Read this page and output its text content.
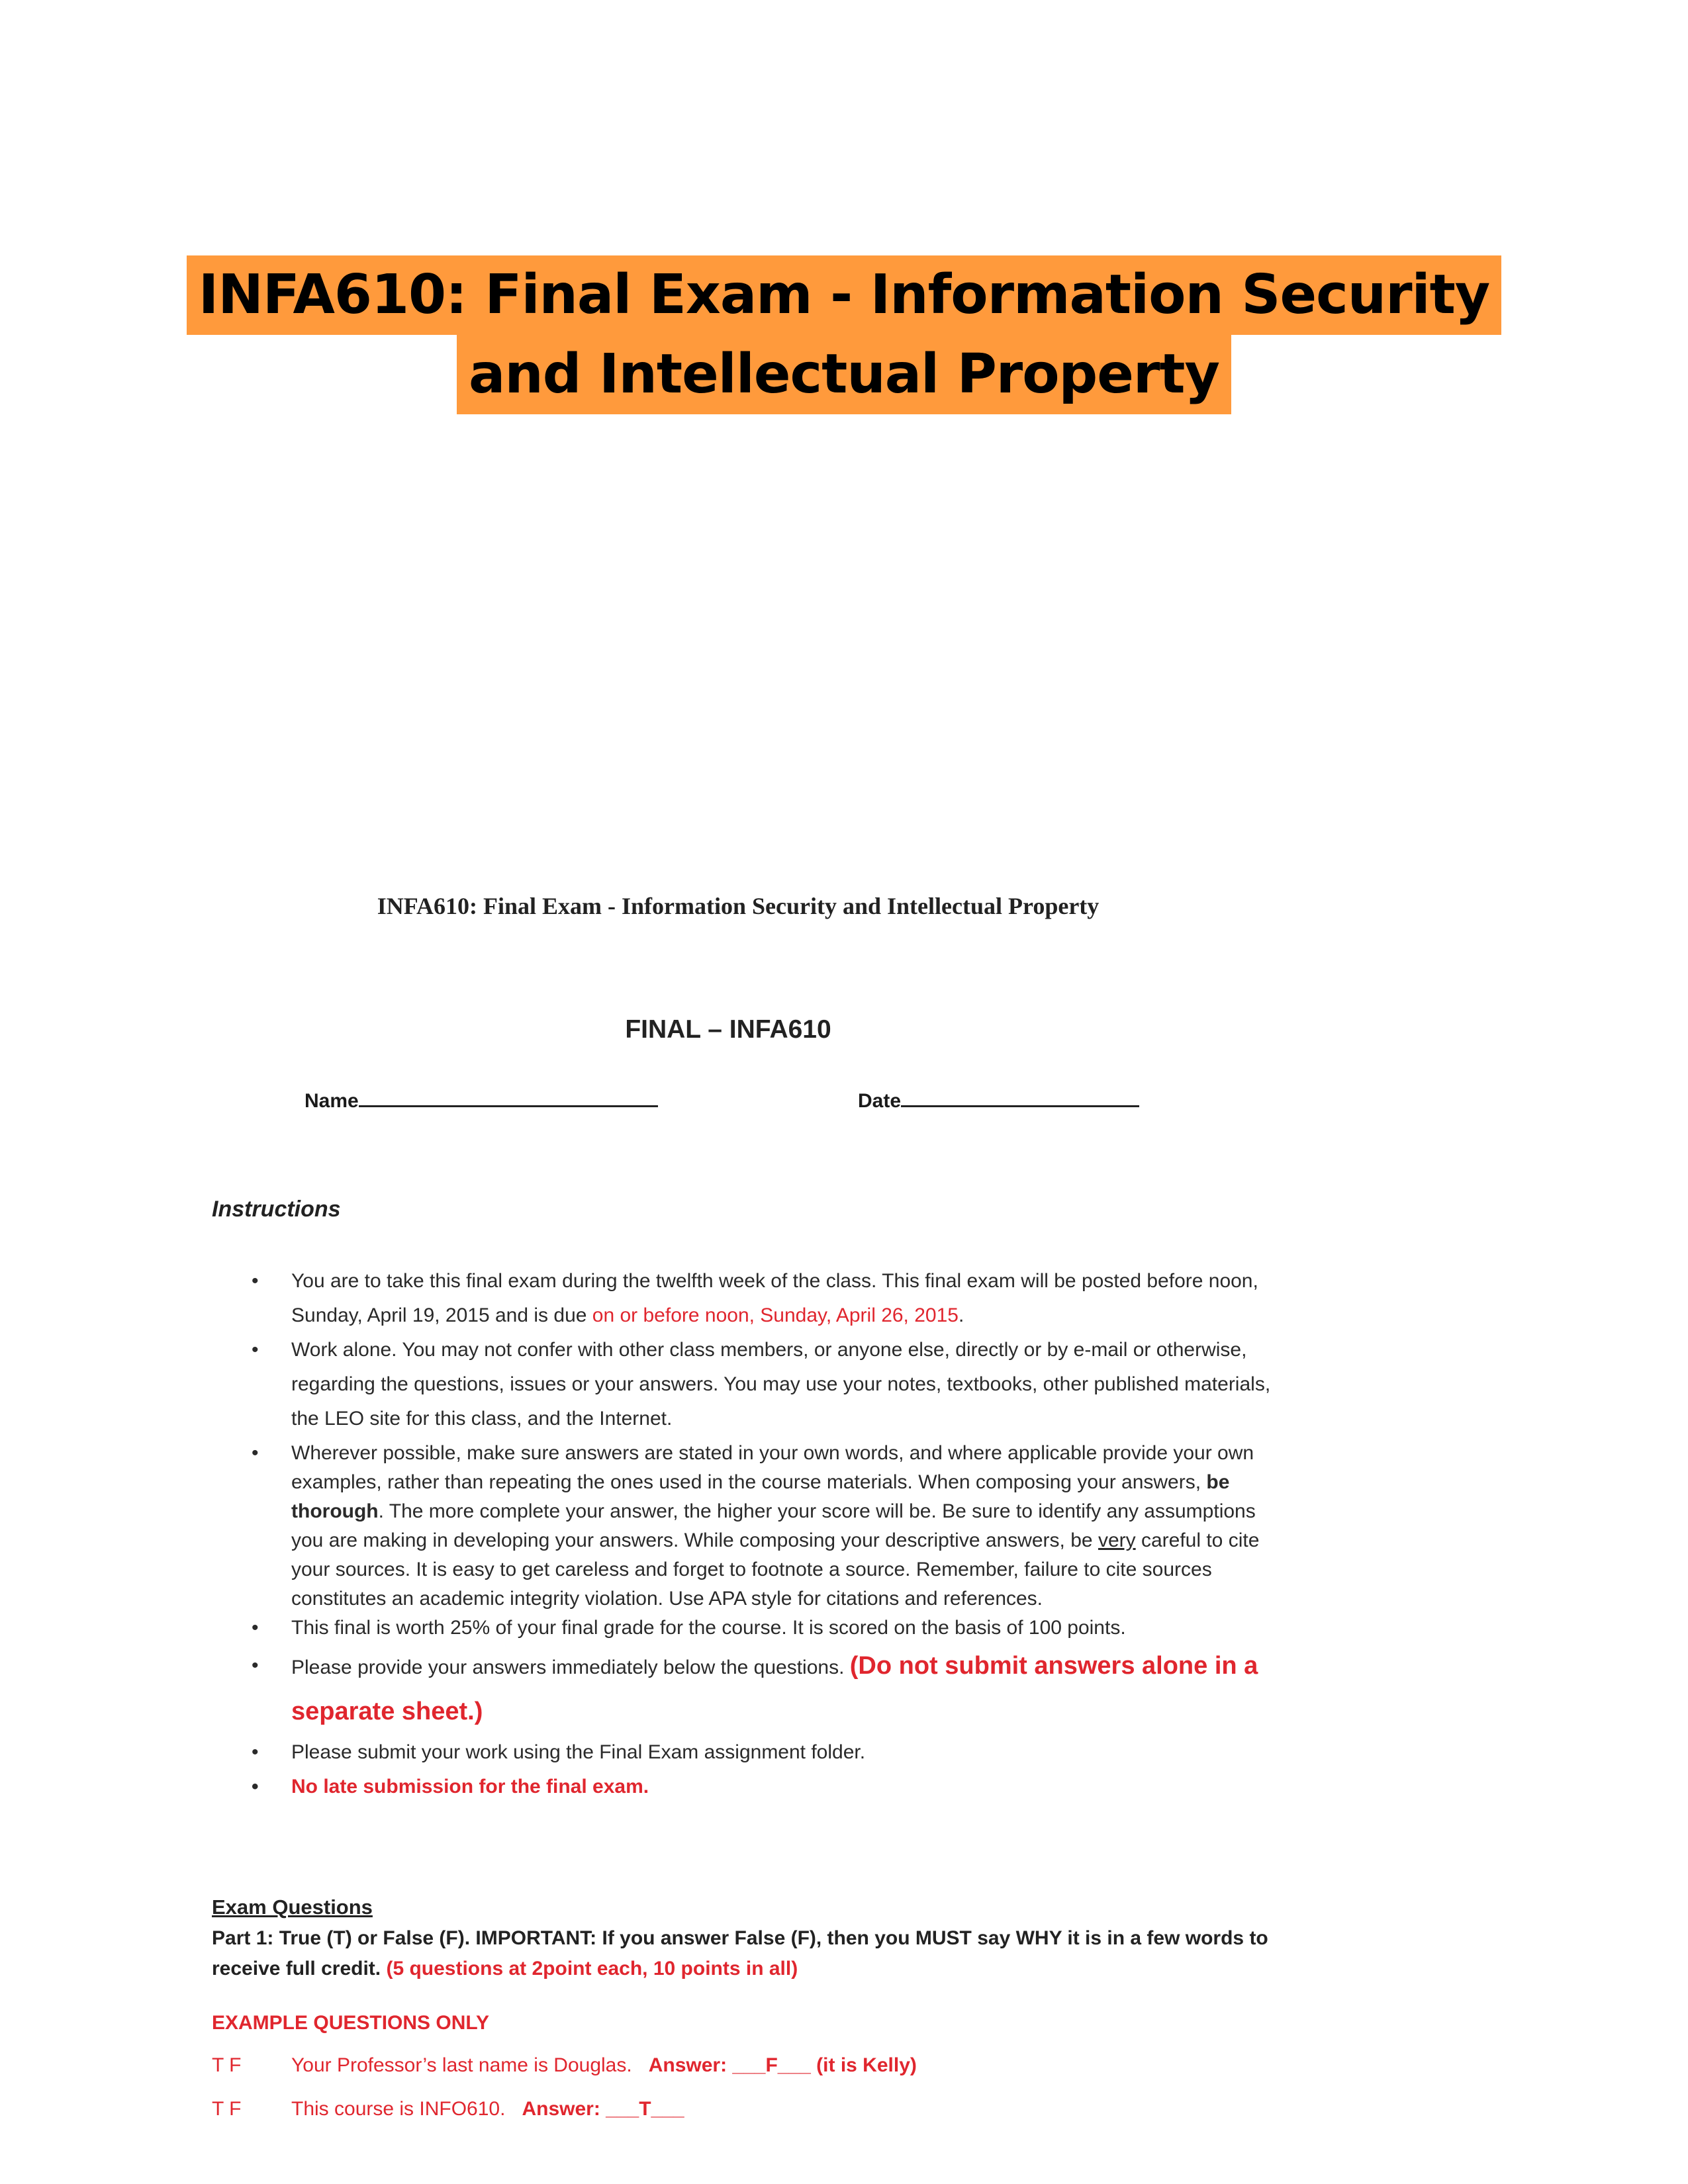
INFA610: Final Exam - Information Security
and Intellectual Property
INFA610: Final Exam - Information Security and Intellectual Property
FINAL – INFA610
Name	Date
Instructions
• You are to take this final exam during the twelfth week of the class. This final exam will be posted before noon, Sunday, April 19, 2015 and is due on or before noon, Sunday, April 26, 2015.
• Work alone. You may not confer with other class members, or anyone else, directly or by e-mail or otherwise, regarding the questions, issues or your answers. You may use your notes, textbooks, other published materials, the LEO site for this class, and the Internet.
• Wherever possible, make sure answers are stated in your own words, and where applicable provide your own examples, rather than repeating the ones used in the course materials. When composing your answers, be thorough. The more complete your answer, the higher your score will be. Be sure to identify any assumptions you are making in developing your answers. While composing your descriptive answers, be very careful to cite your sources. It is easy to get careless and forget to footnote a source. Remember, failure to cite sources constitutes an academic integrity violation. Use APA style for citations and references.
• This final is worth 25% of your final grade for the course. It is scored on the basis of 100 points.
• Please provide your answers immediately below the questions. (Do not submit answers alone in a separate sheet.)
• Please submit your work using the Final Exam assignment folder.
• No late submission for the final exam.
Exam Questions
Part 1: True (T) or False (F). IMPORTANT: If you answer False (F), then you MUST say WHY it is in a few words to receive full credit. (5 questions at 2point each, 10 points in all)
EXAMPLE QUESTIONS ONLY
T F	Your Professor’s last name is Douglas. Answer: ___F___ (it is Kelly)
T F	This course is INFO610. Answer: ___T___
